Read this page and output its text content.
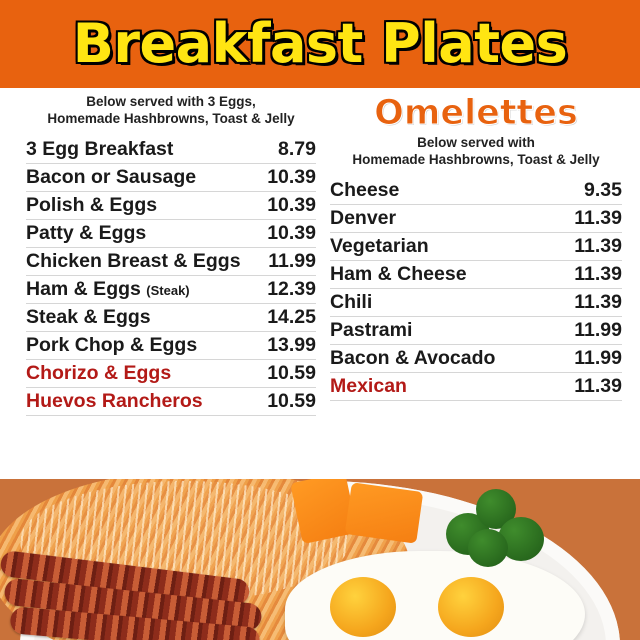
Breakfast Plates
Below served with 3 Eggs,
Homemade Hashbrowns, Toast & Jelly
3 Egg Breakfast	8.79
Bacon or Sausage	10.39
Polish & Eggs	10.39
Patty & Eggs	10.39
Chicken Breast & Eggs 11.99
Ham & Eggs (Steak)	12.39
Steak & Eggs	14.25
Pork Chop & Eggs	13.99
Chorizo & Eggs	10.59
Huevos Rancheros	10.59
Omelettes
Below served with
Homemade Hashbrowns, Toast & Jelly
Cheese	9.35
Denver	11.39
Vegetarian	11.39
Ham & Cheese	11.39
Chili	11.39
Pastrami	11.99
Bacon & Avocado	11.99
Mexican	11.39
